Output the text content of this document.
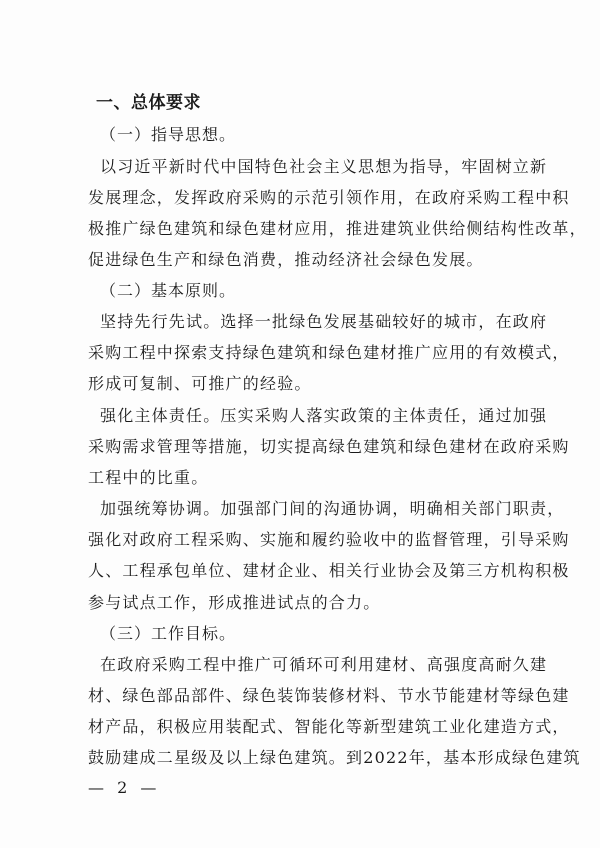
一、总体要求
（一）指导思想。
以习近平新时代中国特色社会主义思想为指导，牢固树立新
发展理念，发挥政府采购的示范引领作用，在政府采购工程中积
极推广绿色建筑和绿色建材应用，推进建筑业供给侧结构性改革，
促进绿色生产和绿色消费，推动经济社会绿色发展。
（二）基本原则。
坚持先行先试。选择一批绿色发展基础较好的城市，在政府
采购工程中探索支持绿色建筑和绿色建材推广应用的有效模式，
形成可复制、可推广的经验。
强化主体责任。压实采购人落实政策的主体责任，通过加强
采购需求管理等措施，切实提高绿色建筑和绿色建材在政府采购
工程中的比重。
加强统筹协调。加强部门间的沟通协调，明确相关部门职责，
强化对政府工程采购、实施和履约验收中的监督管理，引导采购
人、工程承包单位、建材企业、相关行业协会及第三方机构积极
参与试点工作，形成推进试点的合力。
（三）工作目标。
在政府采购工程中推广可循环可利用建材、高强度高耐久建
材、绿色部品部件、绿色装饰装修材料、节水节能建材等绿色建
材产品，积极应用装配式、智能化等新型建筑工业化建造方式，
鼓励建成二星级及以上绿色建筑。到2022年，基本形成绿色建筑
— 2 —
